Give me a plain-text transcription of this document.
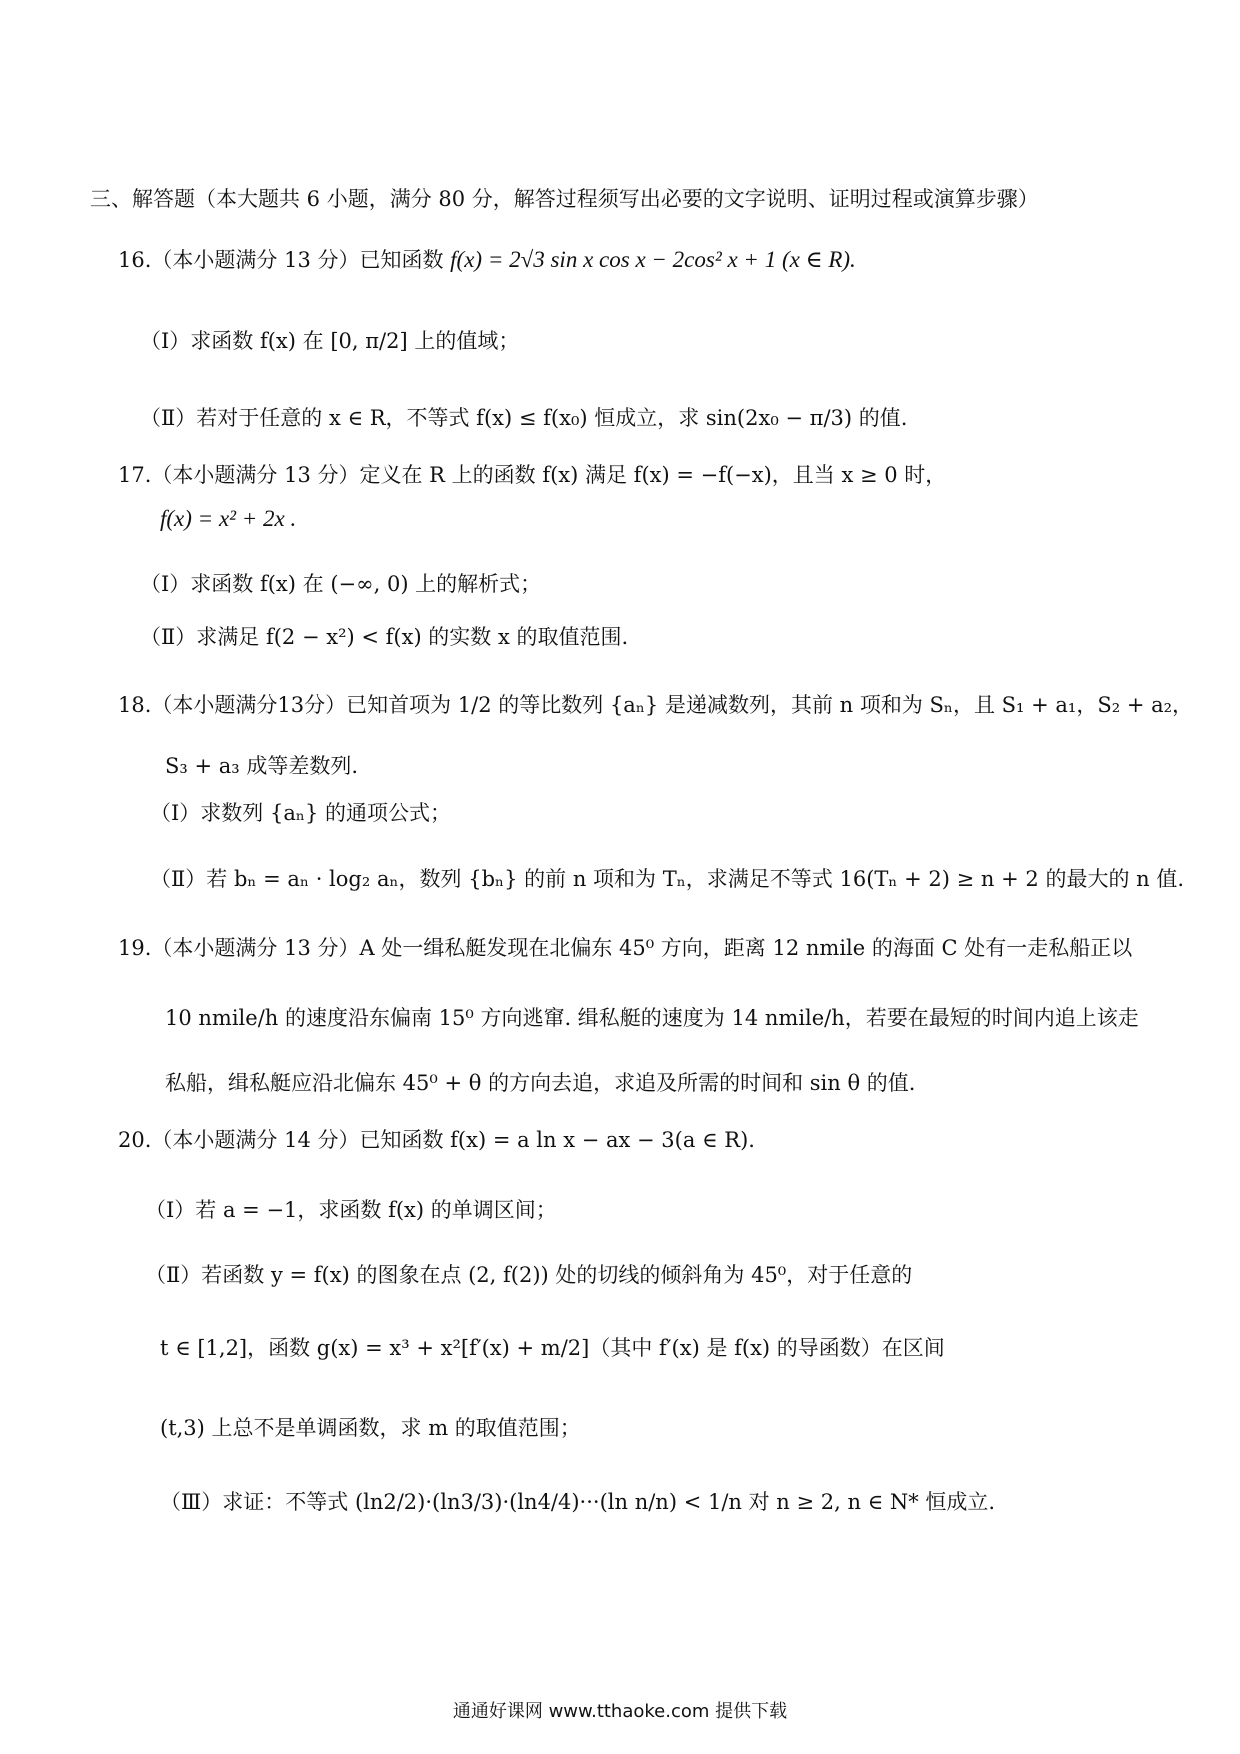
三、解答题（本大题共 6 小题，满分 80 分，解答过程须写出必要的文字说明、证明过程或演算步骤）
16.（本小题满分 13 分）已知函数 f(x) = 2√3 sin x cos x − 2cos² x + 1 (x ∈ R).
（Ⅰ）求函数 f(x) 在 [0, π/2] 上的值域；
（Ⅱ）若对于任意的 x ∈ R，不等式 f(x) ≤ f(x₀) 恒成立，求 sin(2x₀ − π/3) 的值.
17.（本小题满分 13 分）定义在 R 上的函数 f(x) 满足 f(x) = −f(−x)，且当 x ≥ 0 时，
f(x) = x² + 2x .
（Ⅰ）求函数 f(x) 在 (−∞, 0) 上的解析式；
（Ⅱ）求满足 f(2 − x²) < f(x) 的实数 x 的取值范围.
18.（本小题满分13分）已知首项为 1/2 的等比数列 {aₙ} 是递减数列，其前 n 项和为 Sₙ，且 S₁ + a₁，S₂ + a₂，
S₃ + a₃ 成等差数列.
（Ⅰ）求数列 {aₙ} 的通项公式；
（Ⅱ）若 bₙ = aₙ · log₂ aₙ，数列 {bₙ} 的前 n 项和为 Tₙ，求满足不等式 16(Tₙ + 2) ≥ n + 2 的最大的 n 值.
19.（本小题满分 13 分）A 处一缉私艇发现在北偏东 45⁰ 方向，距离 12 nmile 的海面 C 处有一走私船正以
10 nmile/h 的速度沿东偏南 15⁰ 方向逃窜. 缉私艇的速度为 14 nmile/h，若要在最短的时间内追上该走
私船，缉私艇应沿北偏东 45⁰ + θ 的方向去追，求追及所需的时间和 sin θ 的值.
20.（本小题满分 14 分）已知函数 f(x) = a ln x − ax − 3(a ∈ R).
（Ⅰ）若 a = −1，求函数 f(x) 的单调区间；
（Ⅱ）若函数 y = f(x) 的图象在点 (2, f(2)) 处的切线的倾斜角为 45⁰，对于任意的
t ∈ [1,2]，函数 g(x) = x³ + x²[f′(x) + m/2]（其中 f′(x) 是 f(x) 的导函数）在区间
(t,3) 上总不是单调函数，求 m 的取值范围；
（Ⅲ）求证：不等式 (ln2/2)·(ln3/3)·(ln4/4)···(ln n/n) < 1/n 对 n ≥ 2, n ∈ N* 恒成立.
通通好课网 www.tthaoke.com 提供下载
